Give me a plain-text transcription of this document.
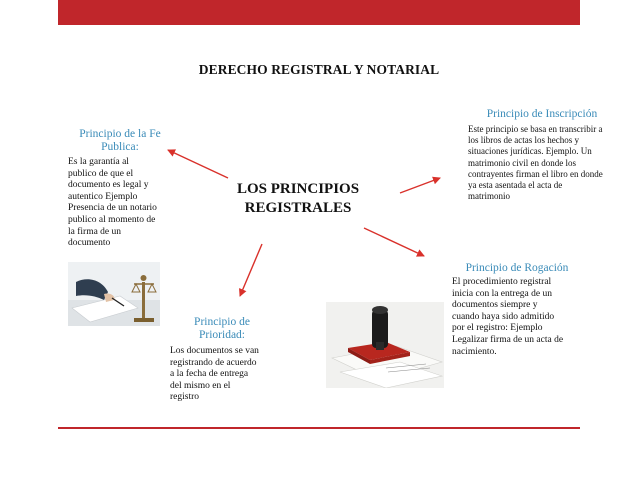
DERECHO REGISTRAL Y NOTARIAL
LOS PRINCIPIOS
REGISTRALES
Principio de la Fe
Publica:
Es la garantía al
publico de que el
documento es legal y
autentico Ejemplo
Presencia de un notario
publico al momento de
la firma de un
documento
Principio de Inscripción
Este principio se basa en transcribir a
los libros de actas los hechos y
situaciones jurídicas. Ejemplo. Un
matrimonio civil en donde los
contrayentes firman el libro en donde
ya esta asentada el acta de
matrimonio
Principio de Rogación
El procedimiento registral
inicia con la entrega de un
documentos siempre y
cuando haya sido admitido
por el registro: Ejemplo
Legalizar firma de un acta de
nacimiento.
Principio de
Prioridad:
Los documentos se van
registrando de acuerdo
a la fecha de entrega
del mismo en el
registro
